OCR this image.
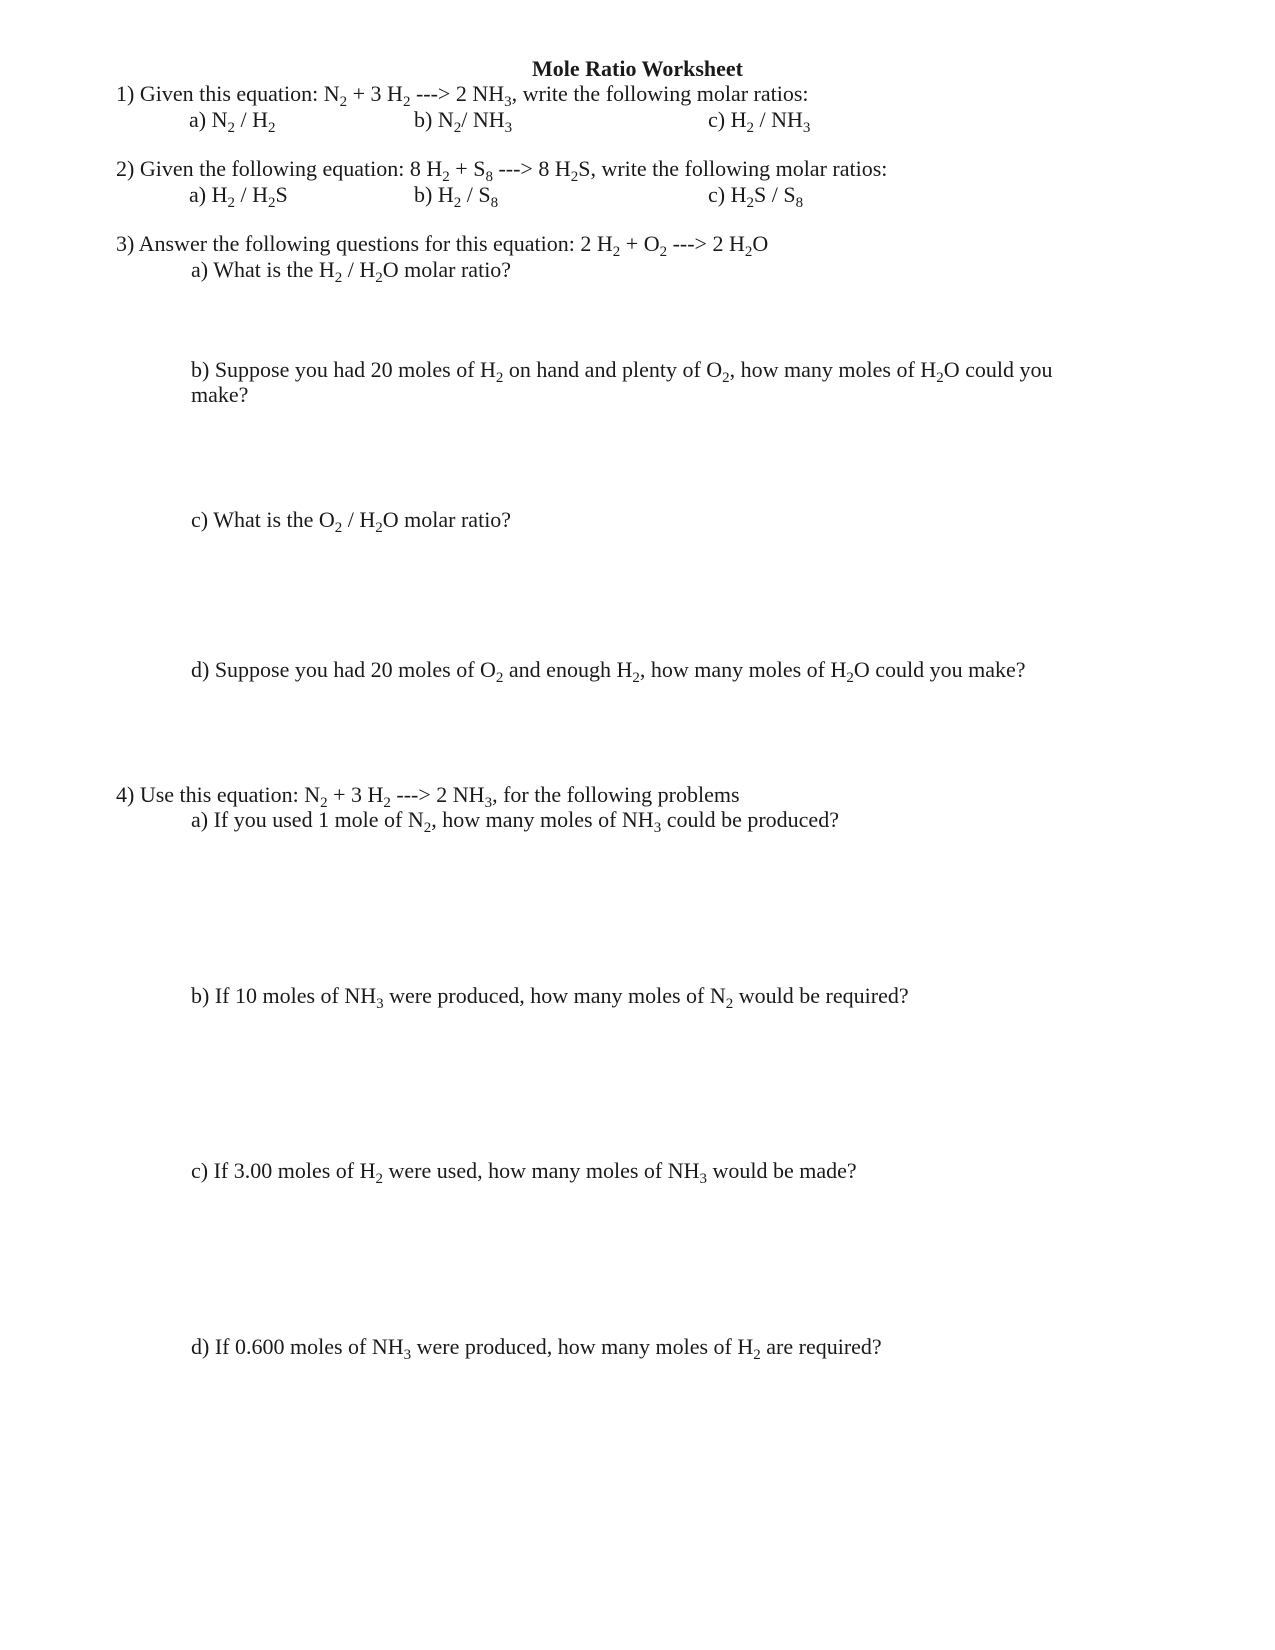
Mole Ratio Worksheet
1) Given this equation: $N_2 + 3$ $H_2$ ---> 2 $NH_3$, write the following molar ratios:
a) $N_2 / H_2$	b) $N_2/$ $NH_3$	c) $H_2 / NH_3$
2) Given the following equation: 8 $H_2 + S_8$ ---> 8 $H_2S$, write the following molar ratios:
a) $H_2 / H_2S$	b) $H_2 / S_8$	c) $H_2S / S_8$
3) Answer the following questions for this equation: 2 $H_2 + O_2$ ---> 2 $H_2O$
a) What is the $H_2 / H_2O$ molar ratio?
b) Suppose you had 20 moles of $H_2$ on hand and plenty of $O_2$, how many moles of $H_2O$ could you
make?
c) What is the $O_2 / H_2O$ molar ratio?
d) Suppose you had 20 moles of $O_2$ and enough $H_2$, how many moles of $H_2O$ could you make?
4) Use this equation: $N_2 + 3$ $H_2$ ---> 2 $NH_3$, for the following problems
a) If you used 1 mole of $N_2$, how many moles of $NH_3$ could be produced?
b) If 10 moles of $NH_3$ were produced, how many moles of $N_2$ would be required?
c) If 3.00 moles of $H_2$ were used, how many moles of $NH_3$ would be made?
d) If 0.600 moles of $NH_3$ were produced, how many moles of $H_2$ are required?
